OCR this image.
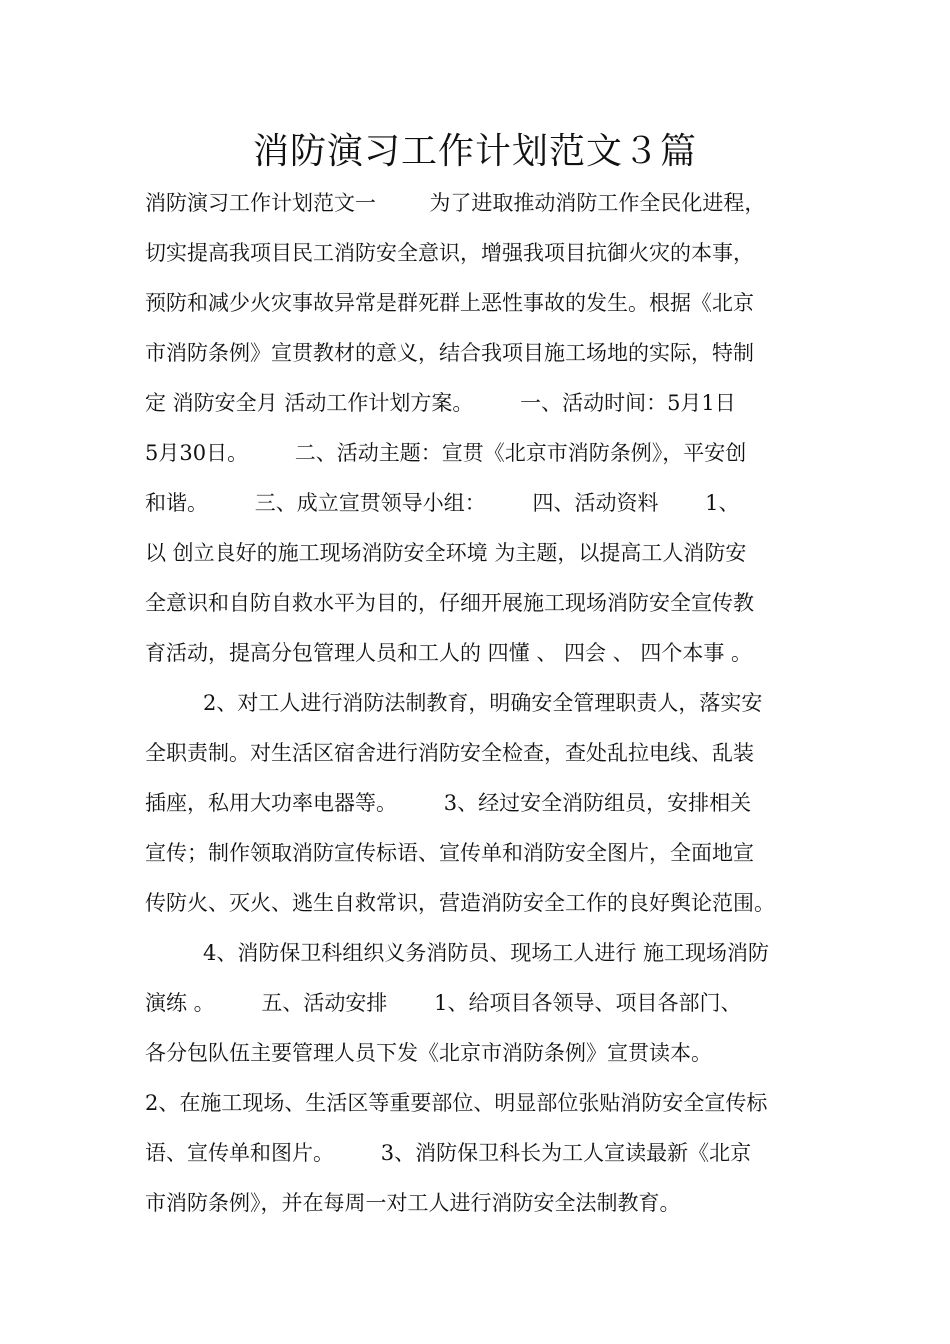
消防演习工作计划范文３篇

消防演习工作计划范文一        为了进取推动消防工作全民化进程，

切实提高我项目民工消防安全意识，增强我项目抗御火灾的本事，

预防和减少火灾事故异常是群死群上恶性事故的发生。根据《北京

市消防条例》宣贯教材的意义，结合我项目施工场地的实际，特制

定 消防安全月 活动工作计划方案。       一、活动时间：5月1日

5月30日。       二、活动主题：宣贯《北京市消防条例》，平安创

和谐。       三、成立宣贯领导小组：       四、活动资料       1、

以 创立良好的施工现场消防安全环境 为主题，以提高工人消防安

全意识和自防自救水平为目的，仔细开展施工现场消防安全宣传教

育活动，提高分包管理人员和工人的 四懂 、 四会 、 四个本事 。

2、对工人进行消防法制教育，明确安全管理职责人，落实安

全职责制。对生活区宿舍进行消防安全检查，查处乱拉电线、乱装

插座，私用大功率电器等。       3、经过安全消防组员，安排相关

宣传；制作领取消防宣传标语、宣传单和消防安全图片，全面地宣

传防火、灭火、逃生自救常识，营造消防安全工作的良好舆论范围。

4、消防保卫科组织义务消防员、现场工人进行 施工现场消防

演练 。       五、活动安排       1、给项目各领导、项目各部门、

各分包队伍主要管理人员下发《北京市消防条例》宣贯读本。

2、在施工现场、生活区等重要部位、明显部位张贴消防安全宣传标

语、宣传单和图片。       3、消防保卫科长为工人宣读最新《北京

市消防条例》，并在每周一对工人进行消防安全法制教育。
